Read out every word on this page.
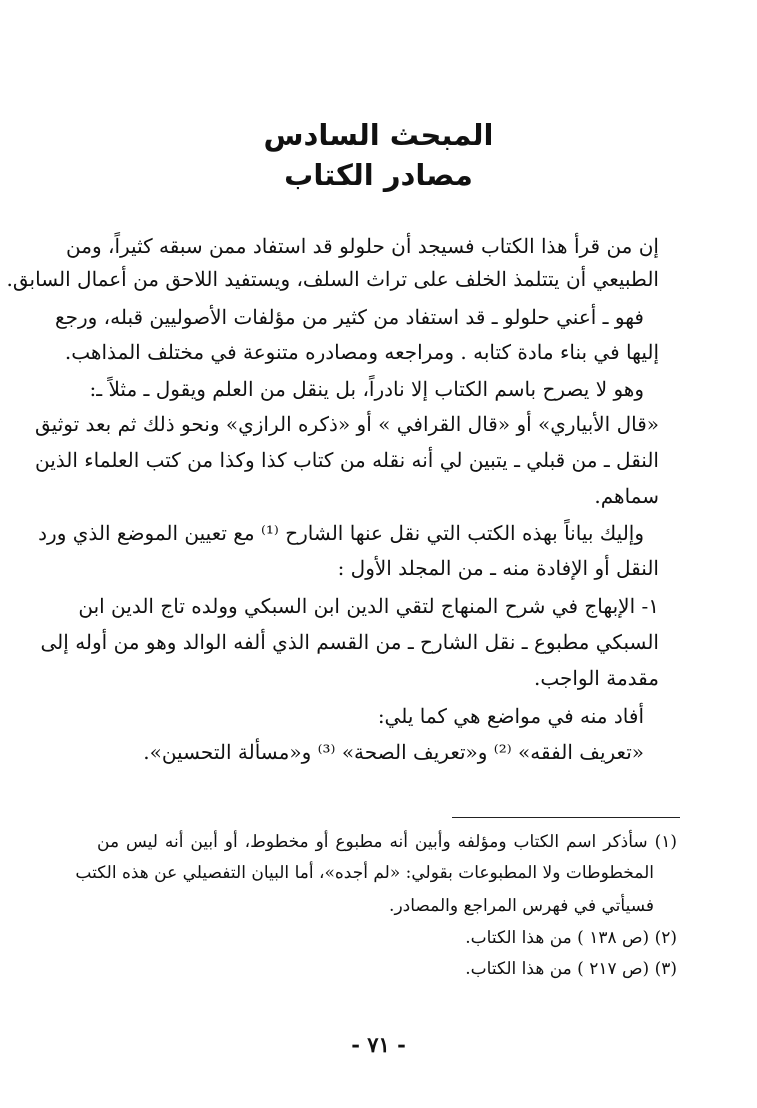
المبحث السادس
مصادر الكتاب
إن من قرأ هذا الكتاب فسيجد أن حلولو قد استفاد ممن سبقه كثيراً، ومن
الطبيعي أن يتتلمذ الخلف على تراث السلف، ويستفيد اللاحق من أعمال السابق.
فهو ـ أعني حلولو ـ قد استفاد من كثير من مؤلفات الأصوليين قبله، ورجع
إليها في بناء مادة كتابه . ومراجعه ومصادره متنوعة في مختلف المذاهب.
وهو لا يصرح باسم الكتاب إلا نادراً، بل ينقل من العلم ويقول ـ مثلاً ـ:
«قال الأبياري» أو «قال القرافي » أو «ذكره الرازي» ونحو ذلك ثم بعد توثيق
النقل ـ من قبلي ـ يتبين لي أنه نقله من كتاب كذا وكذا من كتب العلماء الذين
سماهم.
وإليك بياناً بهذه الكتب التي نقل عنها الشارح ⁽¹⁾ مع تعيين الموضع الذي ورد
النقل أو الإفادة منه ـ من المجلد الأول :
١- الإبهاج في شرح المنهاج لتقي الدين ابن السبكي وولده تاج الدين ابن
السبكي مطبوع ـ نقل الشارح ـ من القسم الذي ألفه الوالد وهو من أوله إلى
مقدمة الواجب.
أفاد منه في مواضع هي كما يلي:
«تعريف الفقه» ⁽²⁾ و«تعريف الصحة» ⁽³⁾ و«مسألة التحسين».
(١) سأذكر اسم الكتاب ومؤلفه وأبين أنه مطبوع أو مخطوط، أو أبين أنه ليس من
المخطوطات ولا المطبوعات بقولي: «لم أجده»، أما البيان التفصيلي عن هذه الكتب
فسيأتي في فهرس المراجع والمصادر.
(٢) (ص ١٣٨ ) من هذا الكتاب.
(٣) (ص ٢١٧ ) من هذا الكتاب.
- ٧١ -
